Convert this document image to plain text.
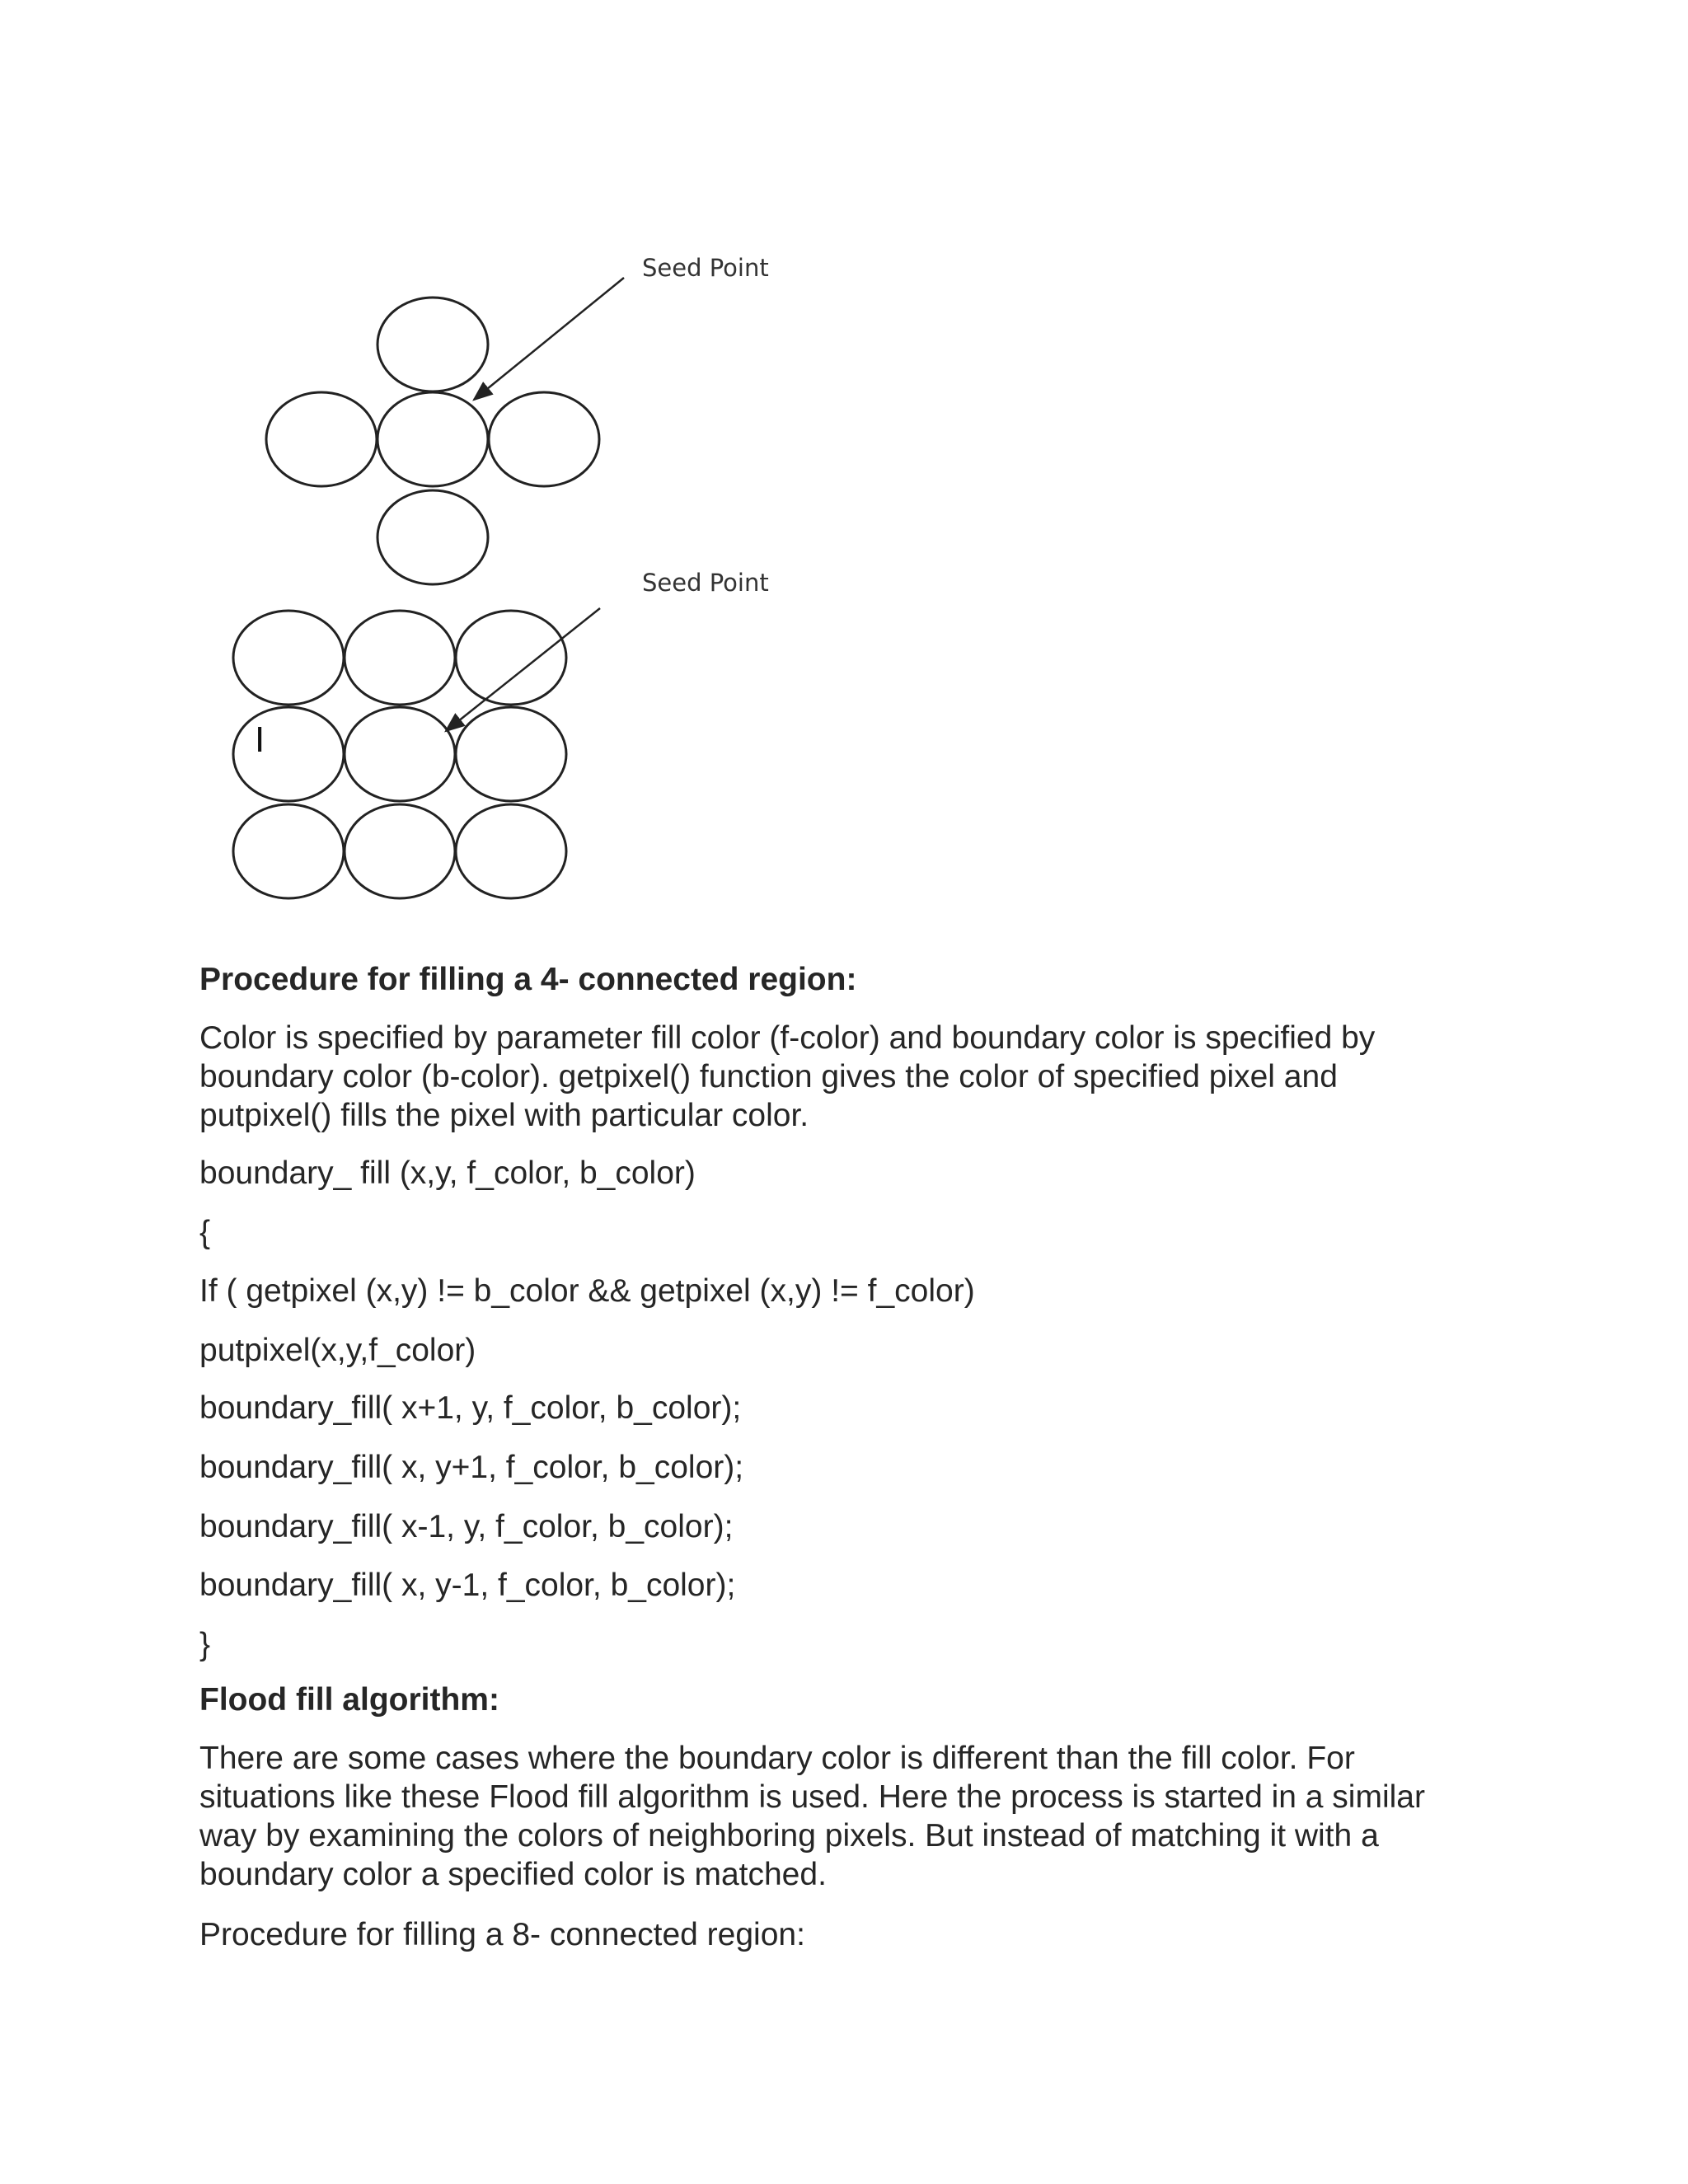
Seed Point
Seed Point
I
Procedure for filling a 4- connected region:
Color is specified by parameter fill color (f-color) and boundary color is specified by
boundary color (b-color). getpixel() function gives the color of specified pixel and
putpixel() fills the pixel with particular color.

boundary_ fill (x,y, f_color, b_color)

{

If ( getpixel (x,y) != b_color && getpixel (x,y) != f_color)

putpixel(x,y,f_color)

boundary_fill( x+1, y, f_color, b_color);

boundary_fill( x, y+1, f_color, b_color);

boundary_fill( x-1, y, f_color, b_color);

boundary_fill( x, y-1, f_color, b_color);

}

Flood fill algorithm:
There are some cases where the boundary color is different than the fill color. For
situations like these Flood fill algorithm is used. Here the process is started in a similar
way by examining the colors of neighboring pixels. But instead of matching it with a
boundary color a specified color is matched.

Procedure for filling a 8- connected region:
